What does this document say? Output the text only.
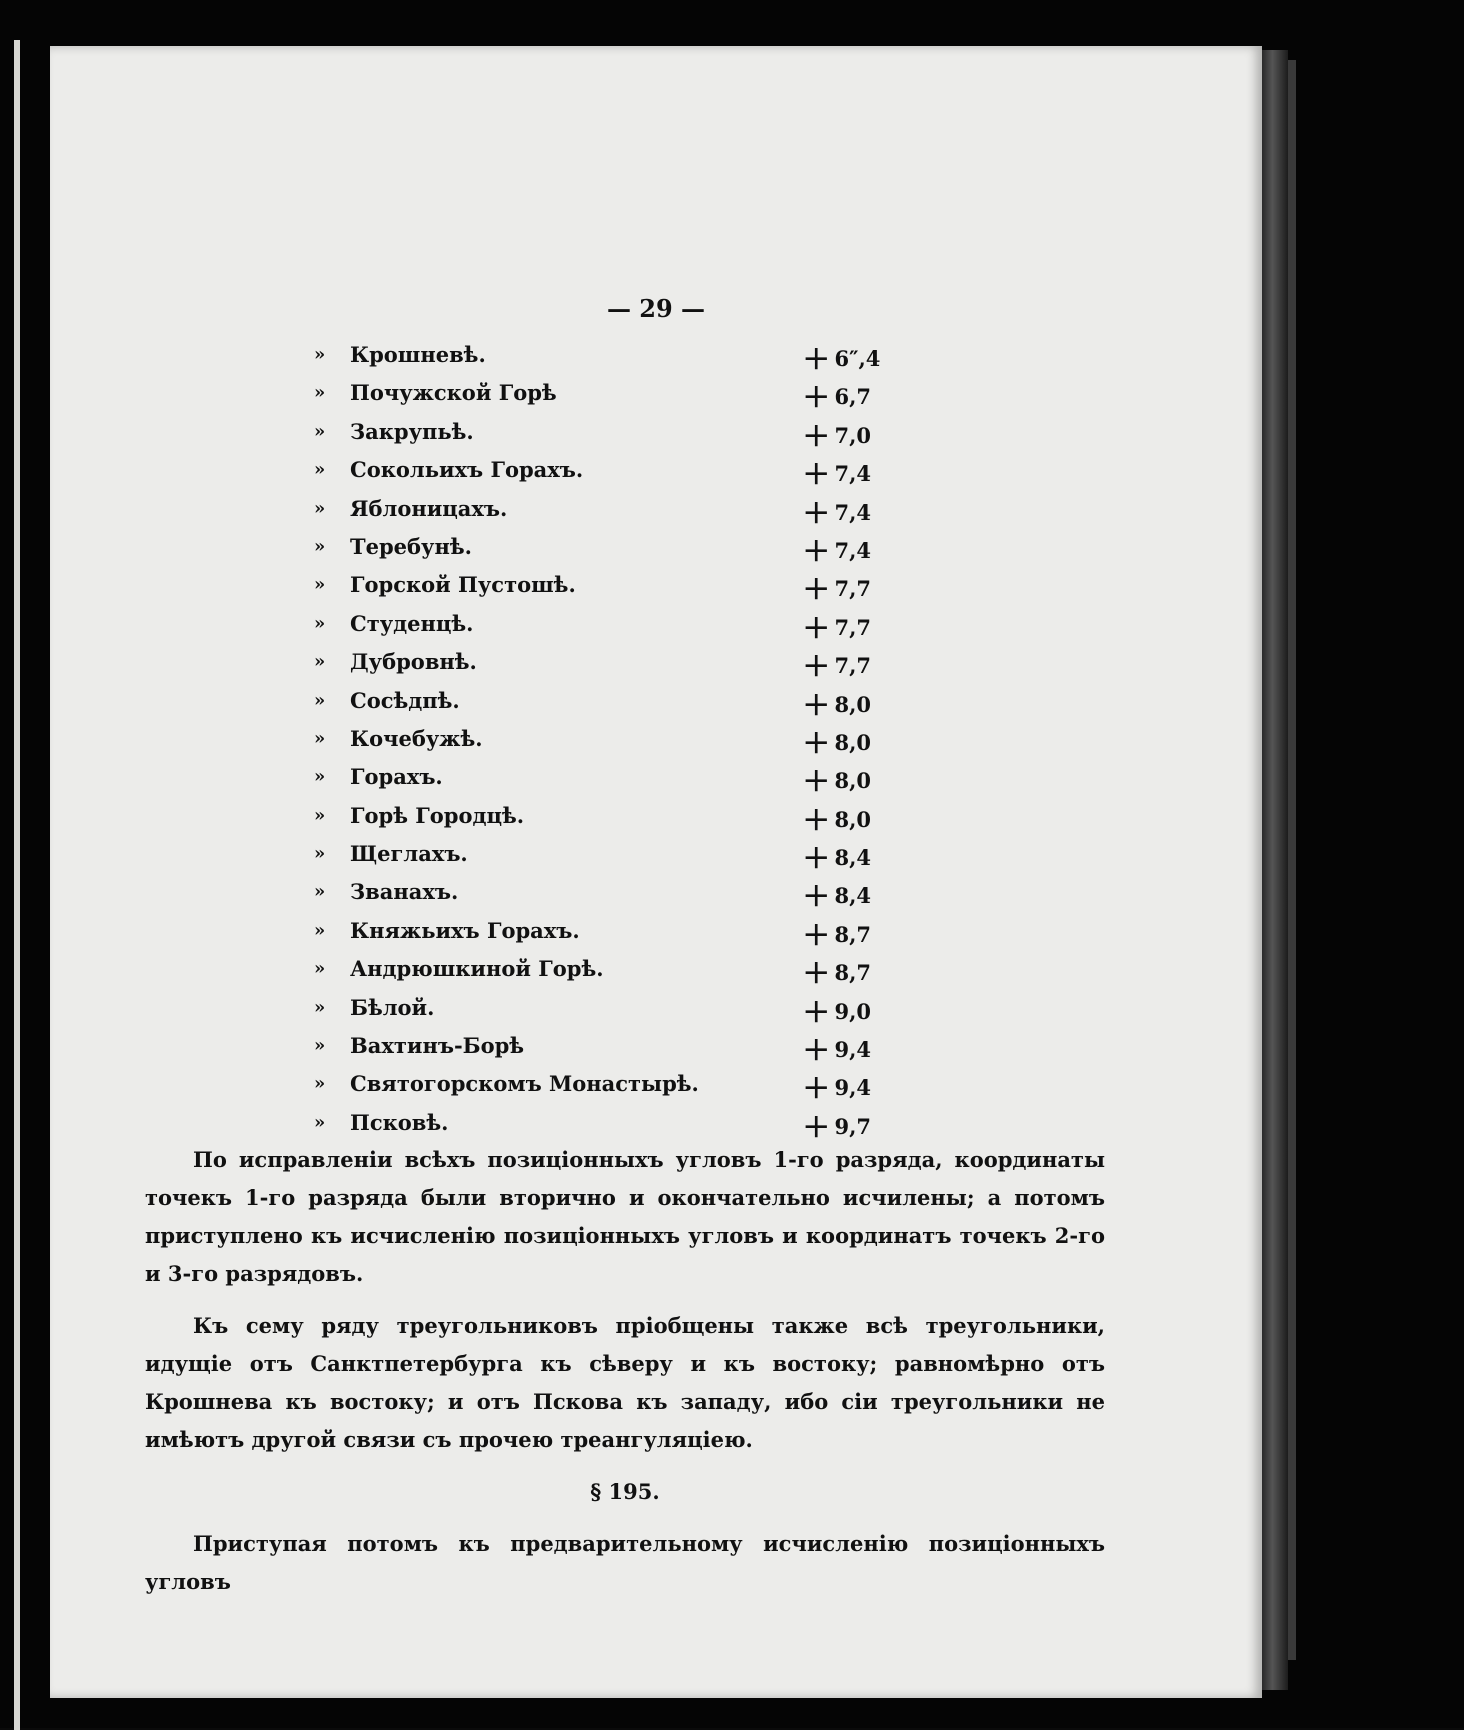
— 29 —
» Крошневѣ.	+ 6″,4
» Почужской Горѣ	+ 6,7
» Закрупьѣ.	+ 7,0
» Сокольихъ Горахъ.	+ 7,4
» Яблоницахъ.	+ 7,4
» Теребунѣ.	+ 7,4
» Горской Пустошѣ.	+ 7,7
» Студенцѣ.	+ 7,7
» Дубровнѣ.	+ 7,7
» Сосѣдпѣ.	+ 8,0
» Кочебужѣ.	+ 8,0
» Горахъ.	+ 8,0
» Горѣ Городцѣ.	+ 8,0
» Щеглахъ.	+ 8,4
» Званахъ.	+ 8,4
» Княжьихъ Горахъ.	+ 8,7
» Андрюшкиной Горѣ.	+ 8,7
» Бѣлой.	+ 9,0
» Вахтинъ-Борѣ	+ 9,4
» Святогорскомъ Монастырѣ.	+ 9,4
» Псковѣ.	+ 9,7

По исправленіи всѣхъ позиціонныхъ угловъ 1-го разряда, координаты точекъ 1-го разряда были вторично и окончательно исчилены; а потомъ приступлено къ исчисленію позиціонныхъ угловъ и координатъ точекъ 2-го и 3-го разрядовъ.

Къ сему ряду треугольниковъ пріобщены также всѣ треугольники, идущіе отъ Санктпетербурга къ сѣверу и къ востоку; равномѣрно отъ Крошнева къ востоку; и отъ Пскова къ западу, ибо сіи треугольники не имѣютъ другой связи съ прочею треангуляціею.

§ 195.

Приступая потомъ къ предварительному исчисленію позиціонныхъ угловъ
